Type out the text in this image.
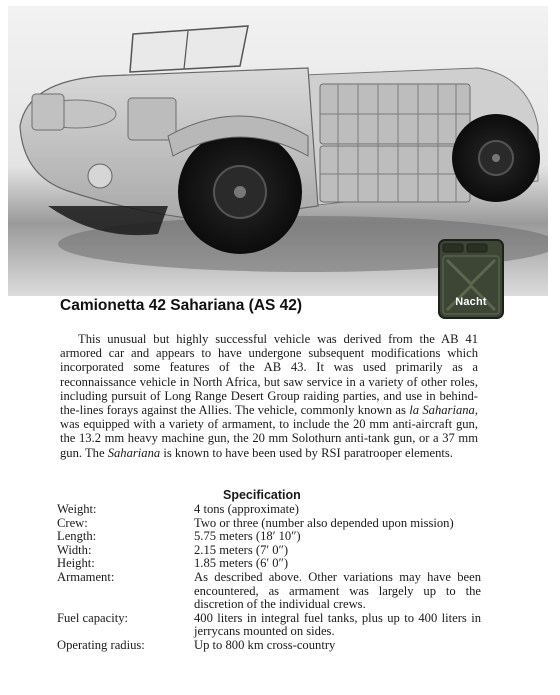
Nacht
Camionetta 42 Sahariana (AS 42)
This unusual but highly successful vehicle was derived from the AB 41 armored car and appears to have undergone subsequent modifications which incorporated some features of the AB 43. It was used primarily as a reconnaissance vehicle in North Africa, but saw service in a variety of other roles, including pursuit of Long Range Desert Group raiding parties, and use in behind-the-lines forays against the Allies. The vehicle, commonly known as la Sahariana, was equipped with a variety of armament, to include the 20 mm anti-aircraft gun, the 13.2 mm heavy machine gun, the 20 mm Solothurn anti-tank gun, or a 37 mm gun. The Sahariana is known to have been used by RSI paratrooper elements.
Specification
Weight:	4 tons (approximate)
Crew:	Two or three (number also depended upon mission)
Length:	5.75 meters (18′ 10″)
Width:	2.15 meters (7′ 0″)
Height:	1.85 meters (6′ 0″)
Armament:	As described above. Other variations may have been encountered, as armament was largely up to the discretion of the individual crews.
Fuel capacity:	400 liters in integral fuel tanks, plus up to 400 liters in jerrycans mounted on sides.
Operating radius:	Up to 800 km cross-country
